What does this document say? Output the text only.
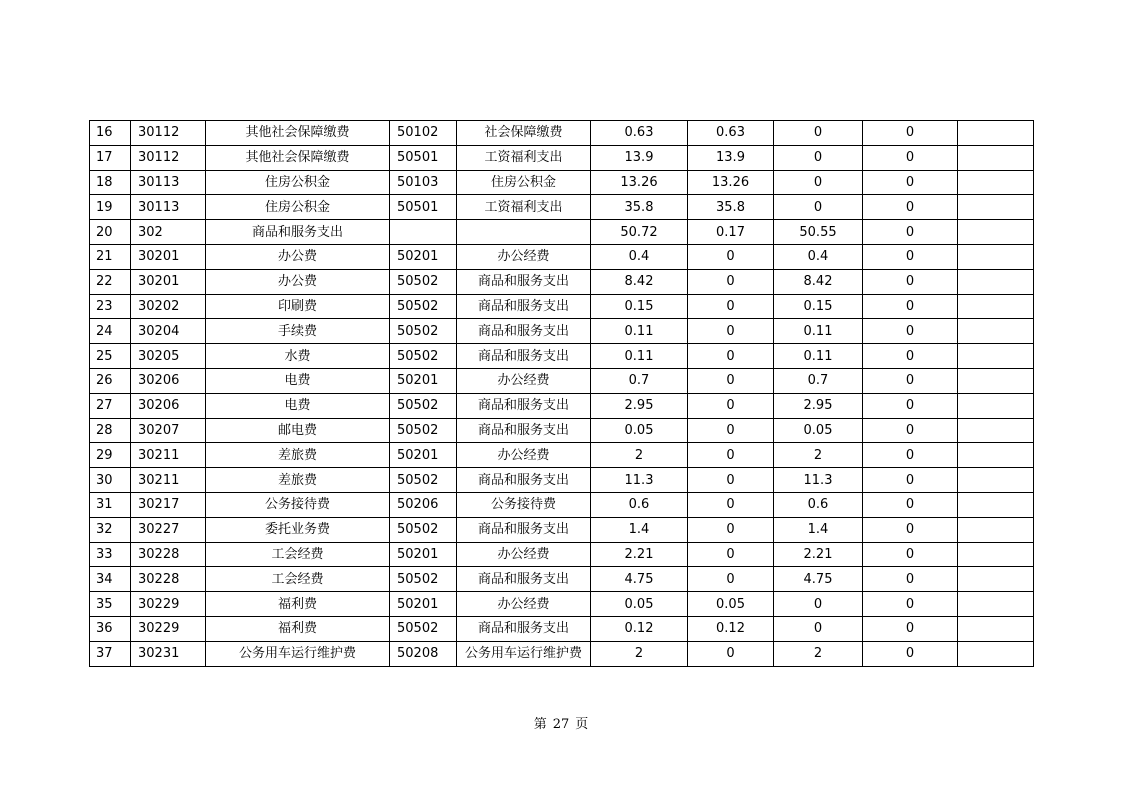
16	30112	其他社会保障缴费	50102	社会保障缴费	0.63	0.63	0	0	
17	30112	其他社会保障缴费	50501	工资福利支出	13.9	13.9	0	0	
18	30113	住房公积金	50103	住房公积金	13.26	13.26	0	0	
19	30113	住房公积金	50501	工资福利支出	35.8	35.8	0	0	
20	302	商品和服务支出			50.72	0.17	50.55	0	
21	30201	办公费	50201	办公经费	0.4	0	0.4	0	
22	30201	办公费	50502	商品和服务支出	8.42	0	8.42	0	
23	30202	印刷费	50502	商品和服务支出	0.15	0	0.15	0	
24	30204	手续费	50502	商品和服务支出	0.11	0	0.11	0	
25	30205	水费	50502	商品和服务支出	0.11	0	0.11	0	
26	30206	电费	50201	办公经费	0.7	0	0.7	0	
27	30206	电费	50502	商品和服务支出	2.95	0	2.95	0	
28	30207	邮电费	50502	商品和服务支出	0.05	0	0.05	0	
29	30211	差旅费	50201	办公经费	2	0	2	0	
30	30211	差旅费	50502	商品和服务支出	11.3	0	11.3	0	
31	30217	公务接待费	50206	公务接待费	0.6	0	0.6	0	
32	30227	委托业务费	50502	商品和服务支出	1.4	0	1.4	0	
33	30228	工会经费	50201	办公经费	2.21	0	2.21	0	
34	30228	工会经费	50502	商品和服务支出	4.75	0	4.75	0	
35	30229	福利费	50201	办公经费	0.05	0.05	0	0	
36	30229	福利费	50502	商品和服务支出	0.12	0.12	0	0	
37	30231	公务用车运行维护费	50208	公务用车运行维护费	2	0	2	0	
第 27 页
